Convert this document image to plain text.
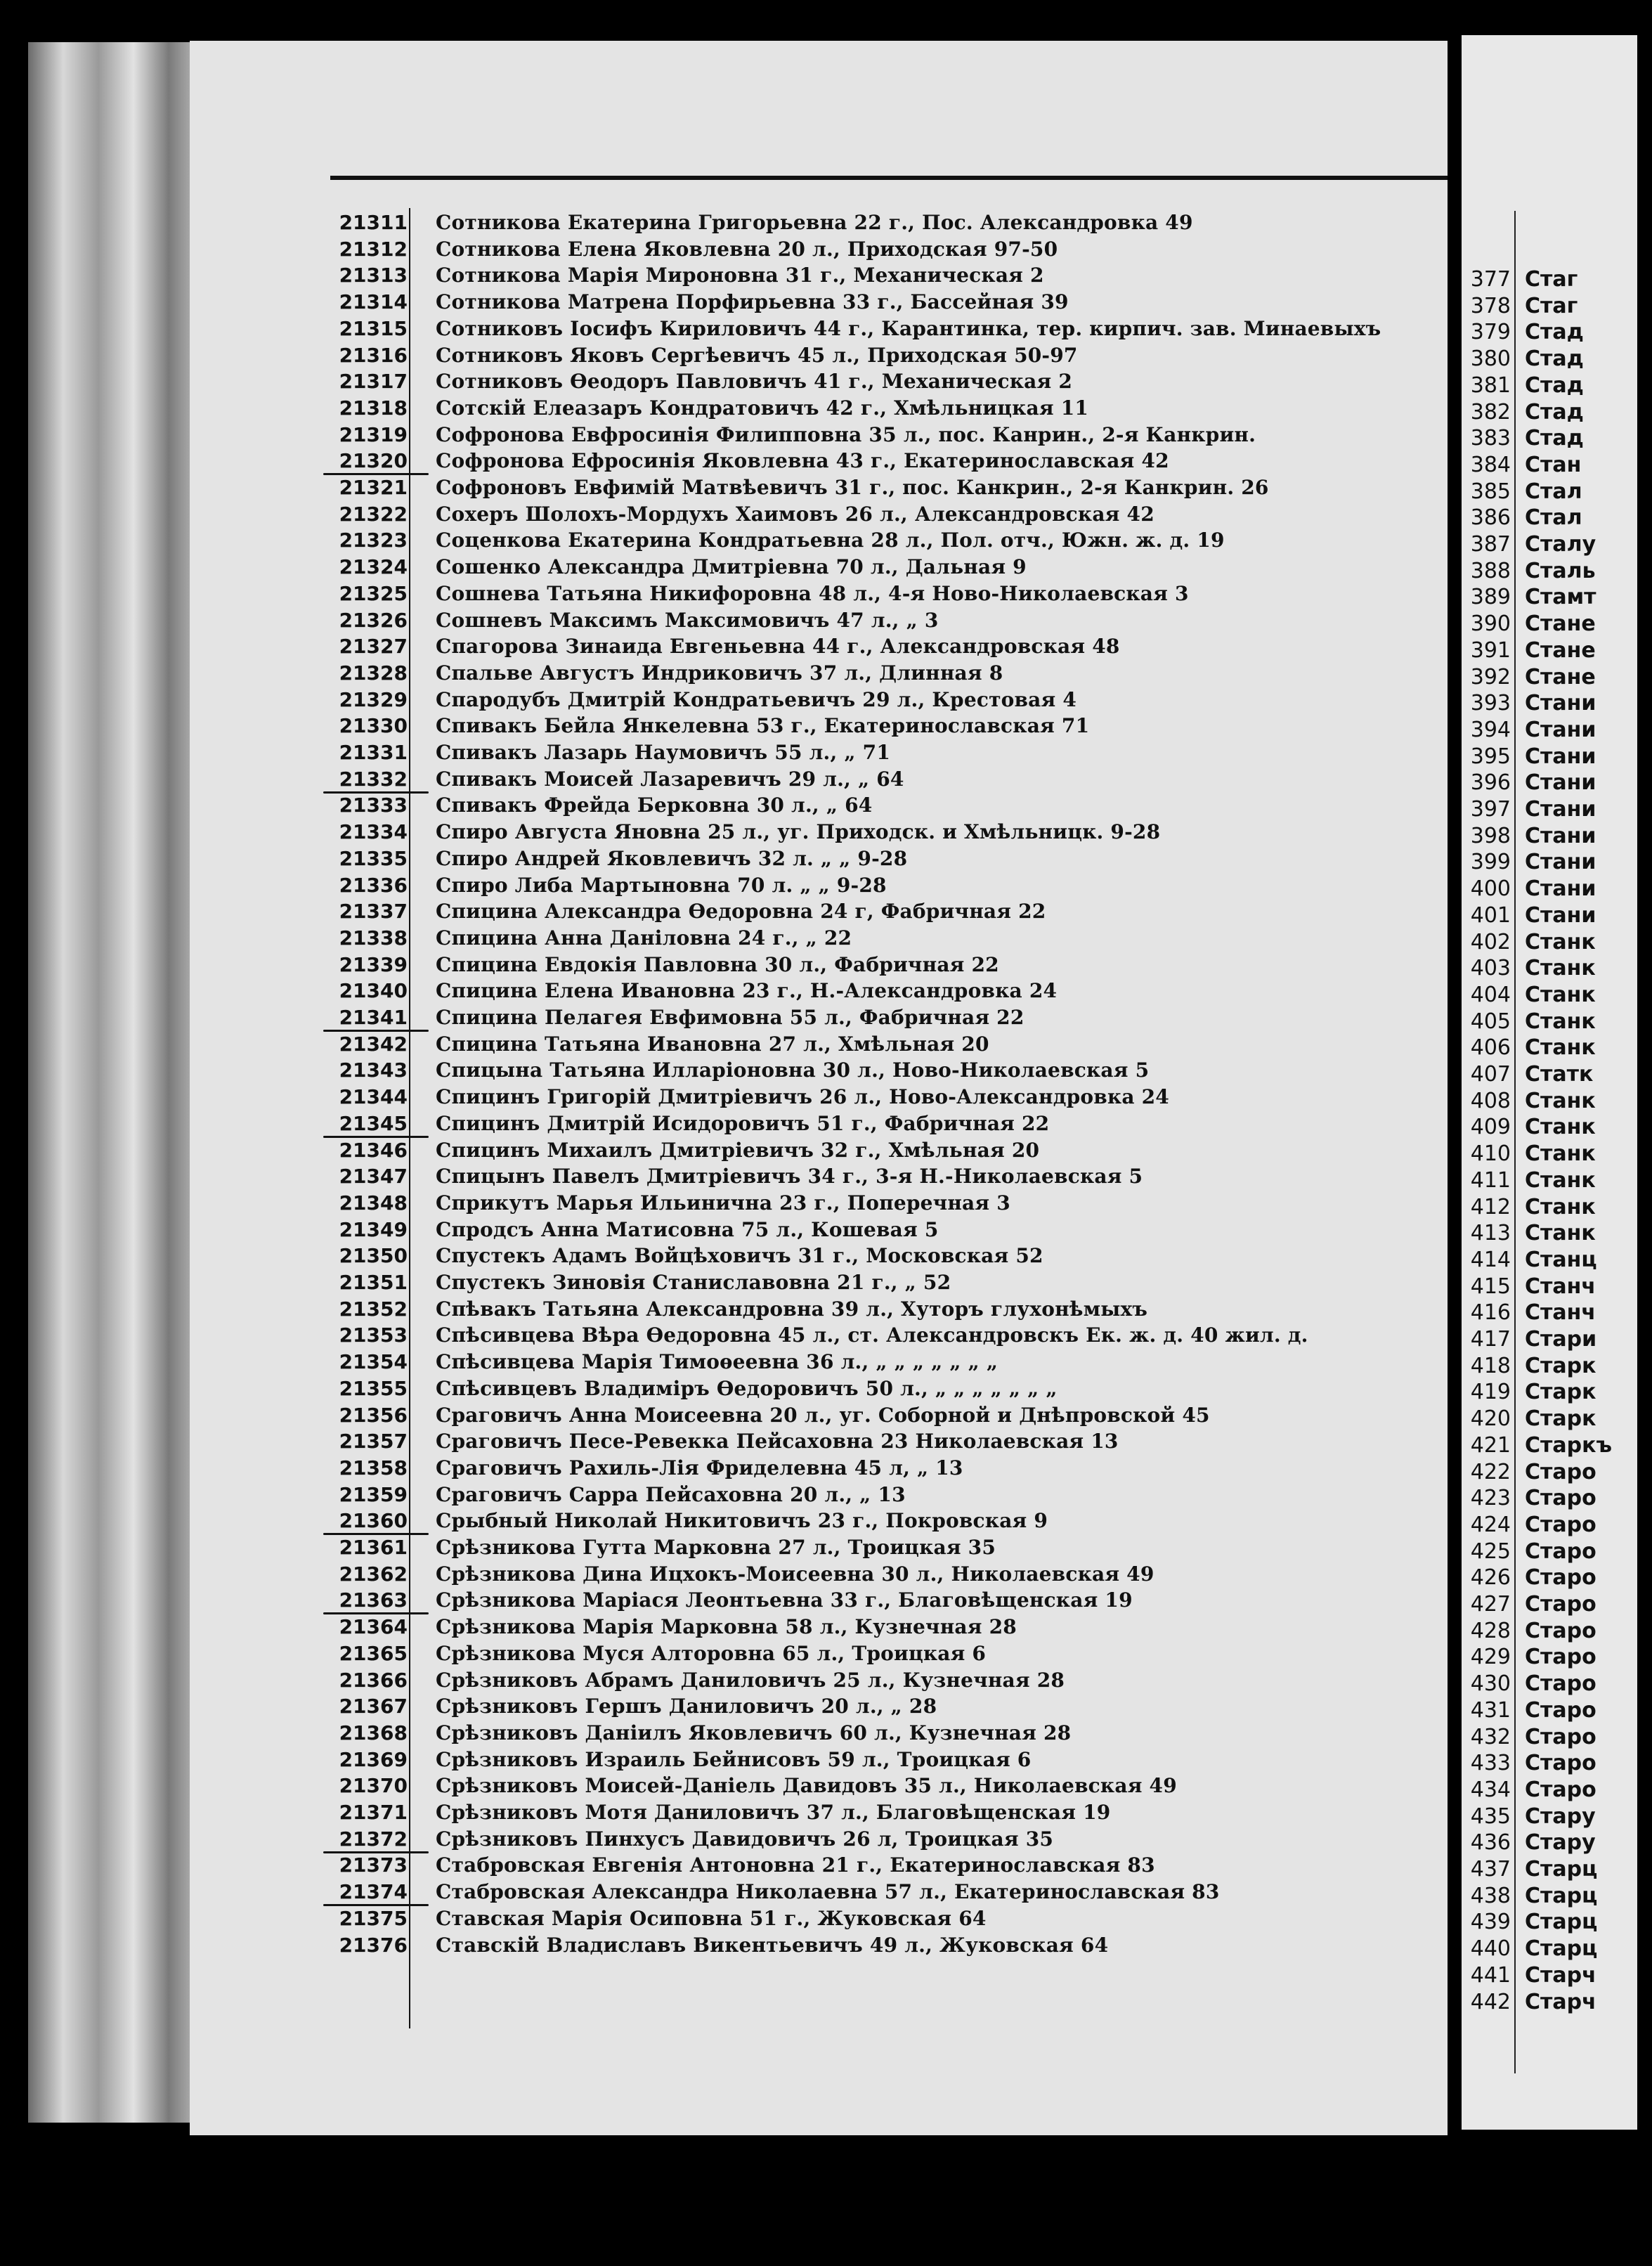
21311 Сотникова Екатерина Григорьевна 22 г., Пос. Александровка 49
21312 Сотникова Елена Яковлевна 20 л., Приходская 97-50
21313 Сотникова Марія Мироновна 31 г., Механическая 2
21314 Сотникова Матрена Порфирьевна 33 г., Бассейная 39
21315 Сотниковъ Іосифъ Кириловичъ 44 г., Карантинка, тер. кирпич. зав. Минаевыхъ
21316 Сотниковъ Яковъ Сергѣевичъ 45 л., Приходская 50-97
21317 Сотниковъ Ѳеодоръ Павловичъ 41 г., Механическая 2
21318 Сотскій Елеазаръ Кондратовичъ 42 г., Хмѣльницкая 11
21319 Софронова Евфросинія Филипповна 35 л., пос. Канрин., 2-я Канкрин.
21320 Софронова Ефросинія Яковлевна 43 г., Екатеринославская 42
21321 Софроновъ Евфимій Матвѣевичъ 31 г., пос. Канкрин., 2-я Канкрин. 26
21322 Сохеръ Шолохъ-Мордухъ Хаимовъ 26 л., Александровская 42
21323 Соценкова Екатерина Кондратьевна 28 л., Пол. отч., Южн. ж. д. 19
21324 Сошенко Александра Дмитріевна 70 л., Дальная 9
21325 Сошнева Татьяна Никифоровна 48 л., 4-я Ново-Николаевская 3
21326 Сошневъ Максимъ Максимовичъ 47 л., „ 3
21327 Спагорова Зинаида Евгеньевна 44 г., Александровская 48
21328 Спальве Августъ Индриковичъ 37 л., Длинная 8
21329 Спародубъ Дмитрій Кондратьевичъ 29 л., Крестовая 4
21330 Спивакъ Бейла Янкелевна 53 г., Екатеринославская 71
21331 Спивакъ Лазарь Наумовичъ 55 л., „ 71
21332 Спивакъ Моисей Лазаревичъ 29 л., „ 64
21333 Спивакъ Фрейда Берковна 30 л., „ 64
21334 Спиро Августа Яновна 25 л., уг. Приходск. и Хмѣльницк. 9-28
21335 Спиро Андрей Яковлевичъ 32 л. „ „ 9-28
21336 Спиро Либа Мартыновна 70 л. „ „ 9-28
21337 Спицина Александра Ѳедоровна 24 г, Фабричная 22
21338 Спицина Анна Даніловна 24 г., „ 22
21339 Спицина Евдокія Павловна 30 л., Фабричная 22
21340 Спицина Елена Ивановна 23 г., Н.-Александровка 24
21341 Спицина Пелагея Евфимовна 55 л., Фабричная 22
21342 Спицина Татьяна Ивановна 27 л., Хмѣльная 20
21343 Спицына Татьяна Илларіоновна 30 л., Ново-Николаевская 5
21344 Спицинъ Григорій Дмитріевичъ 26 л., Ново-Александровка 24
21345 Спицинъ Дмитрій Исидоровичъ 51 г., Фабричная 22
21346 Спицинъ Михаилъ Дмитріевичъ 32 г., Хмѣльная 20
21347 Спицынъ Павелъ Дмитріевичъ 34 г., 3-я Н.-Николаевская 5
21348 Сприкутъ Марья Ильинична 23 г., Поперечная 3
21349 Спродсъ Анна Матисовна 75 л., Кошевая 5
21350 Спустекъ Адамъ Войцѣховичъ 31 г., Московская 52
21351 Спустекъ Зиновія Станиславовна 21 г., „ 52
21352 Спѣвакъ Татьяна Александровна 39 л., Хуторъ глухонѣмыхъ
21353 Спѣсивцева Вѣра Ѳедоровна 45 л., ст. Александровскъ Ек. ж. д. 40 жил. д.
21354 Спѣсивцева Марія Тимоѳеевна 36 л., „ „ „ „ „ „ „
21355 Спѣсивцевъ Владиміръ Ѳедоровичъ 50 л., „ „ „ „ „ „ „
21356 Сраговичъ Анна Моисеевна 20 л., уг. Соборной и Днѣпровской 45
21357 Сраговичъ Песе-Ревекка Пейсаховна 23 Николаевская 13
21358 Сраговичъ Рахиль-Лія Фриделевна 45 л, „ 13
21359 Сраговичъ Сарра Пейсаховна 20 л., „ 13
21360 Срыбный Николай Никитовичъ 23 г., Покровская 9
21361 Срѣзникова Гутта Марковна 27 л., Троицкая 35
21362 Срѣзникова Дина Ицхокъ-Моисеевна 30 л., Николаевская 49
21363 Срѣзникова Маріася Леонтьевна 33 г., Благовѣщенская 19
21364 Срѣзникова Марія Марковна 58 л., Кузнечная 28
21365 Срѣзникова Муся Алторовна 65 л., Троицкая 6
21366 Срѣзниковъ Абрамъ Даниловичъ 25 л., Кузнечная 28
21367 Срѣзниковъ Гершъ Даниловичъ 20 л., „ 28
21368 Срѣзниковъ Даніилъ Яковлевичъ 60 л., Кузнечная 28
21369 Срѣзниковъ Израиль Бейнисовъ 59 л., Троицкая 6
21370 Срѣзниковъ Моисей-Даніель Давидовъ 35 л., Николаевская 49
21371 Срѣзниковъ Мотя Даниловичъ 37 л., Благовѣщенская 19
21372 Срѣзниковъ Пинхусъ Давидовичъ 26 л, Троицкая 35
21373 Стабровская Евгенія Антоновна 21 г., Екатеринославская 83
21374 Стабровская Александра Николаевна 57 л., Екатеринославская 83
21375 Ставская Марія Осиповна 51 г., Жуковская 64
21376 Ставскій Владиславъ Викентьевичъ 49 л., Жуковская 64
377 Стаг
378 Стаг
379 Стад
380 Стад
381 Стад
382 Стад
383 Стад
384 Стан
385 Стал
386 Стал
387 Сталу
388 Сталь
389 Стамт
390 Стане
391 Стане
392 Стане
393 Стани
394 Стани
395 Стани
396 Стани
397 Стани
398 Стани
399 Стани
400 Стани
401 Стани
402 Станк
403 Станк
404 Станк
405 Станк
406 Станк
407 Статк
408 Станк
409 Станк
410 Станк
411 Станк
412 Станк
413 Станк
414 Станц
415 Станч
416 Станч
417 Стари
418 Старк
419 Старк
420 Старк
421 Старкъ
422 Старо
423 Старо
424 Старо
425 Старо
426 Старо
427 Старо
428 Старо
429 Старо
430 Старо
431 Старо
432 Старо
433 Старо
434 Старо
435 Стару
436 Стару
437 Старц
438 Старц
439 Старц
440 Старц
441 Старч
442 Старч
